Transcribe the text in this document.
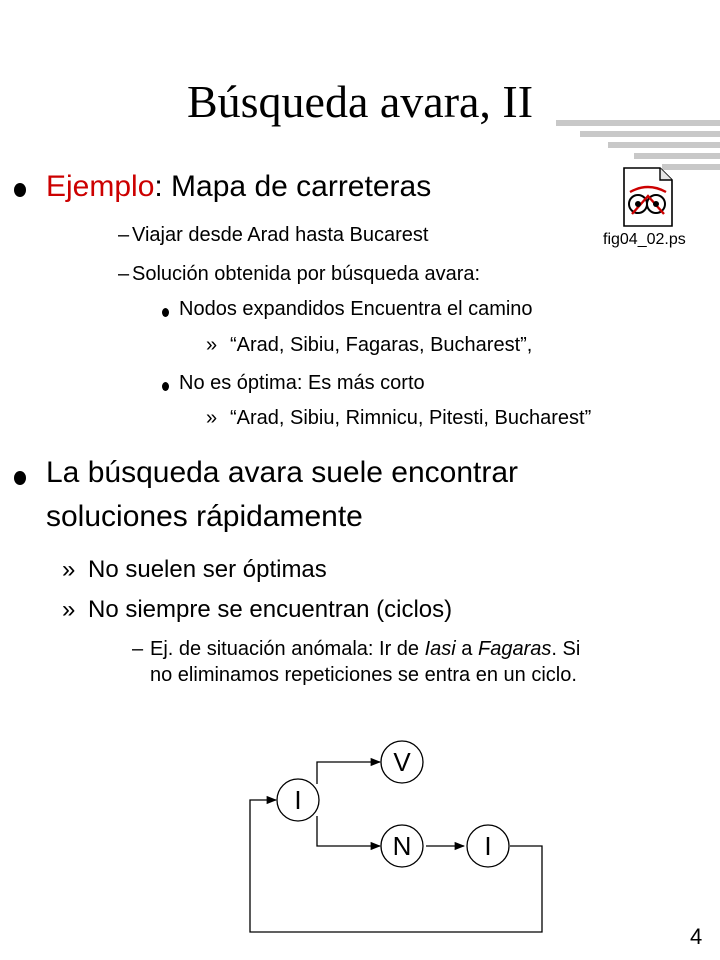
Búsqueda avara, II
Ejemplo: Mapa de carreteras
– Viajar desde Arad hasta Bucarest
– Solución obtenida por búsqueda avara:
Nodos expandidos Encuentra el camino
» “Arad, Sibiu, Fagaras, Bucharest”,
No es óptima: Es más corto
» “Arad, Sibiu, Rimnicu, Pitesti, Bucharest”
fig04_02.ps
La búsqueda avara suele encontrar
soluciones rápidamente
» No suelen ser óptimas
» No siempre se encuentran (ciclos)
– Ej. de situación anómala: Ir de Iasi a Fagaras. Si
no eliminamos repeticiones se entra en un ciclo.
I
V
N	I
4
